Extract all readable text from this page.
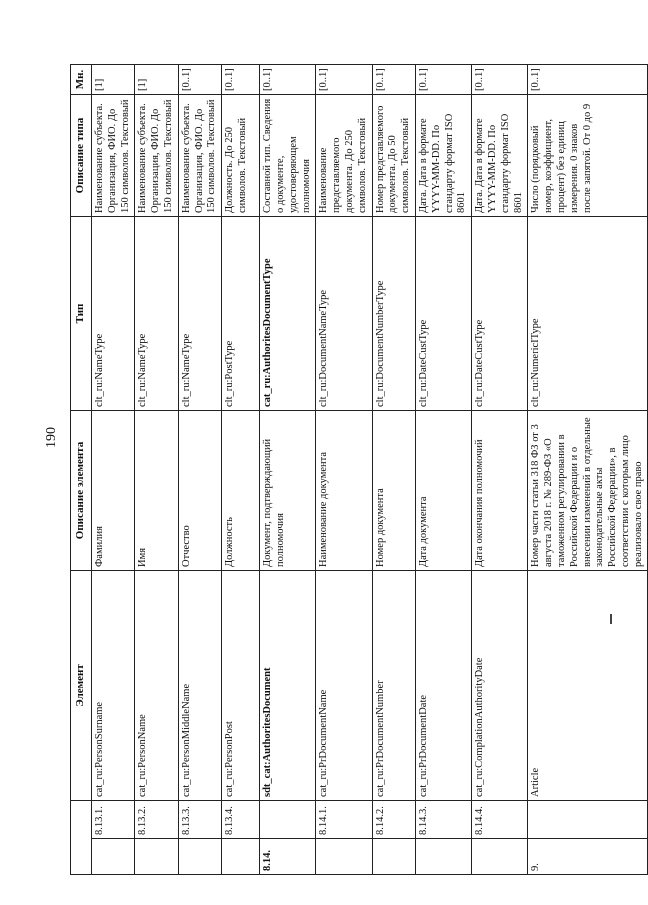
190
		Элемент	Описание элемента	Тип	Описание типа	Мн.
	8.13.1.	cat_ru:PersonSurname	Фамилия	clt_ru:NameType	Наименование субъекта. Организация, ФИО. До 150 символов. Текстовый	[1]
	8.13.2.	cat_ru:PersonName	Имя	clt_ru:NameType	Наименование субъекта. Организация, ФИО. До 150 символов. Текстовый	[1]
	8.13.3.	cat_ru:PersonMiddleName	Отчество	clt_ru:NameType	Наименование субъекта. Организация, ФИО. До 150 символов. Текстовый	[0..1]
	8.13.4.	cat_ru:PersonPost	Должность	clt_ru:PostType	Должность. До 250 символов. Текстовый	[0..1]
8.14.		sdt_cat:AuthoritesDocument	Документ, подтверждающий полномочия	cat_ru:AuthoritesDocumentType	Составной тип. Сведения о документе, удостоверяющем полномочия	[0..1]
	8.14.1.	cat_ru:PrDocumentName	Наименование документа	clt_ru:DocumentNameType	Наименование представляемого документа. До 250 символов. Текстовый	[0..1]
	8.14.2.	cat_ru:PrDocumentNumber	Номер документа	clt_ru:DocumentNumberType	Номер представляемого документа. До 50 символов. Текстовый	[0..1]
	8.14.3.	cat_ru:PrDocumentDate	Дата документа	clt_ru:DateCustType	Дата. Дата в формате YYYY-MM-DD. По стандарту формат ISO 8601	[0..1]
	8.14.4.	cat_ru:ComplationAuthorityDate	Дата окончания полномочий	clt_ru:DateCustType	Дата. Дата в формате YYYY-MM-DD. По стандарту формат ISO 8601	[0..1]
9.		Article	Номер части статьи 318 ФЗ от 3 августа 2018 г. № 289-ФЗ «О таможенном регулировании в Российской Федерации и о внесении изменений в отдельные законодательные акты Российской Федерации», в соответствии с которым лицо реализовало свое право	clt_ru:NumericIType	Число (порядковый номер, коэффициент, процент) без единиц измерения. 0 знаков после запятой. От 0 до 9	[0..1]
